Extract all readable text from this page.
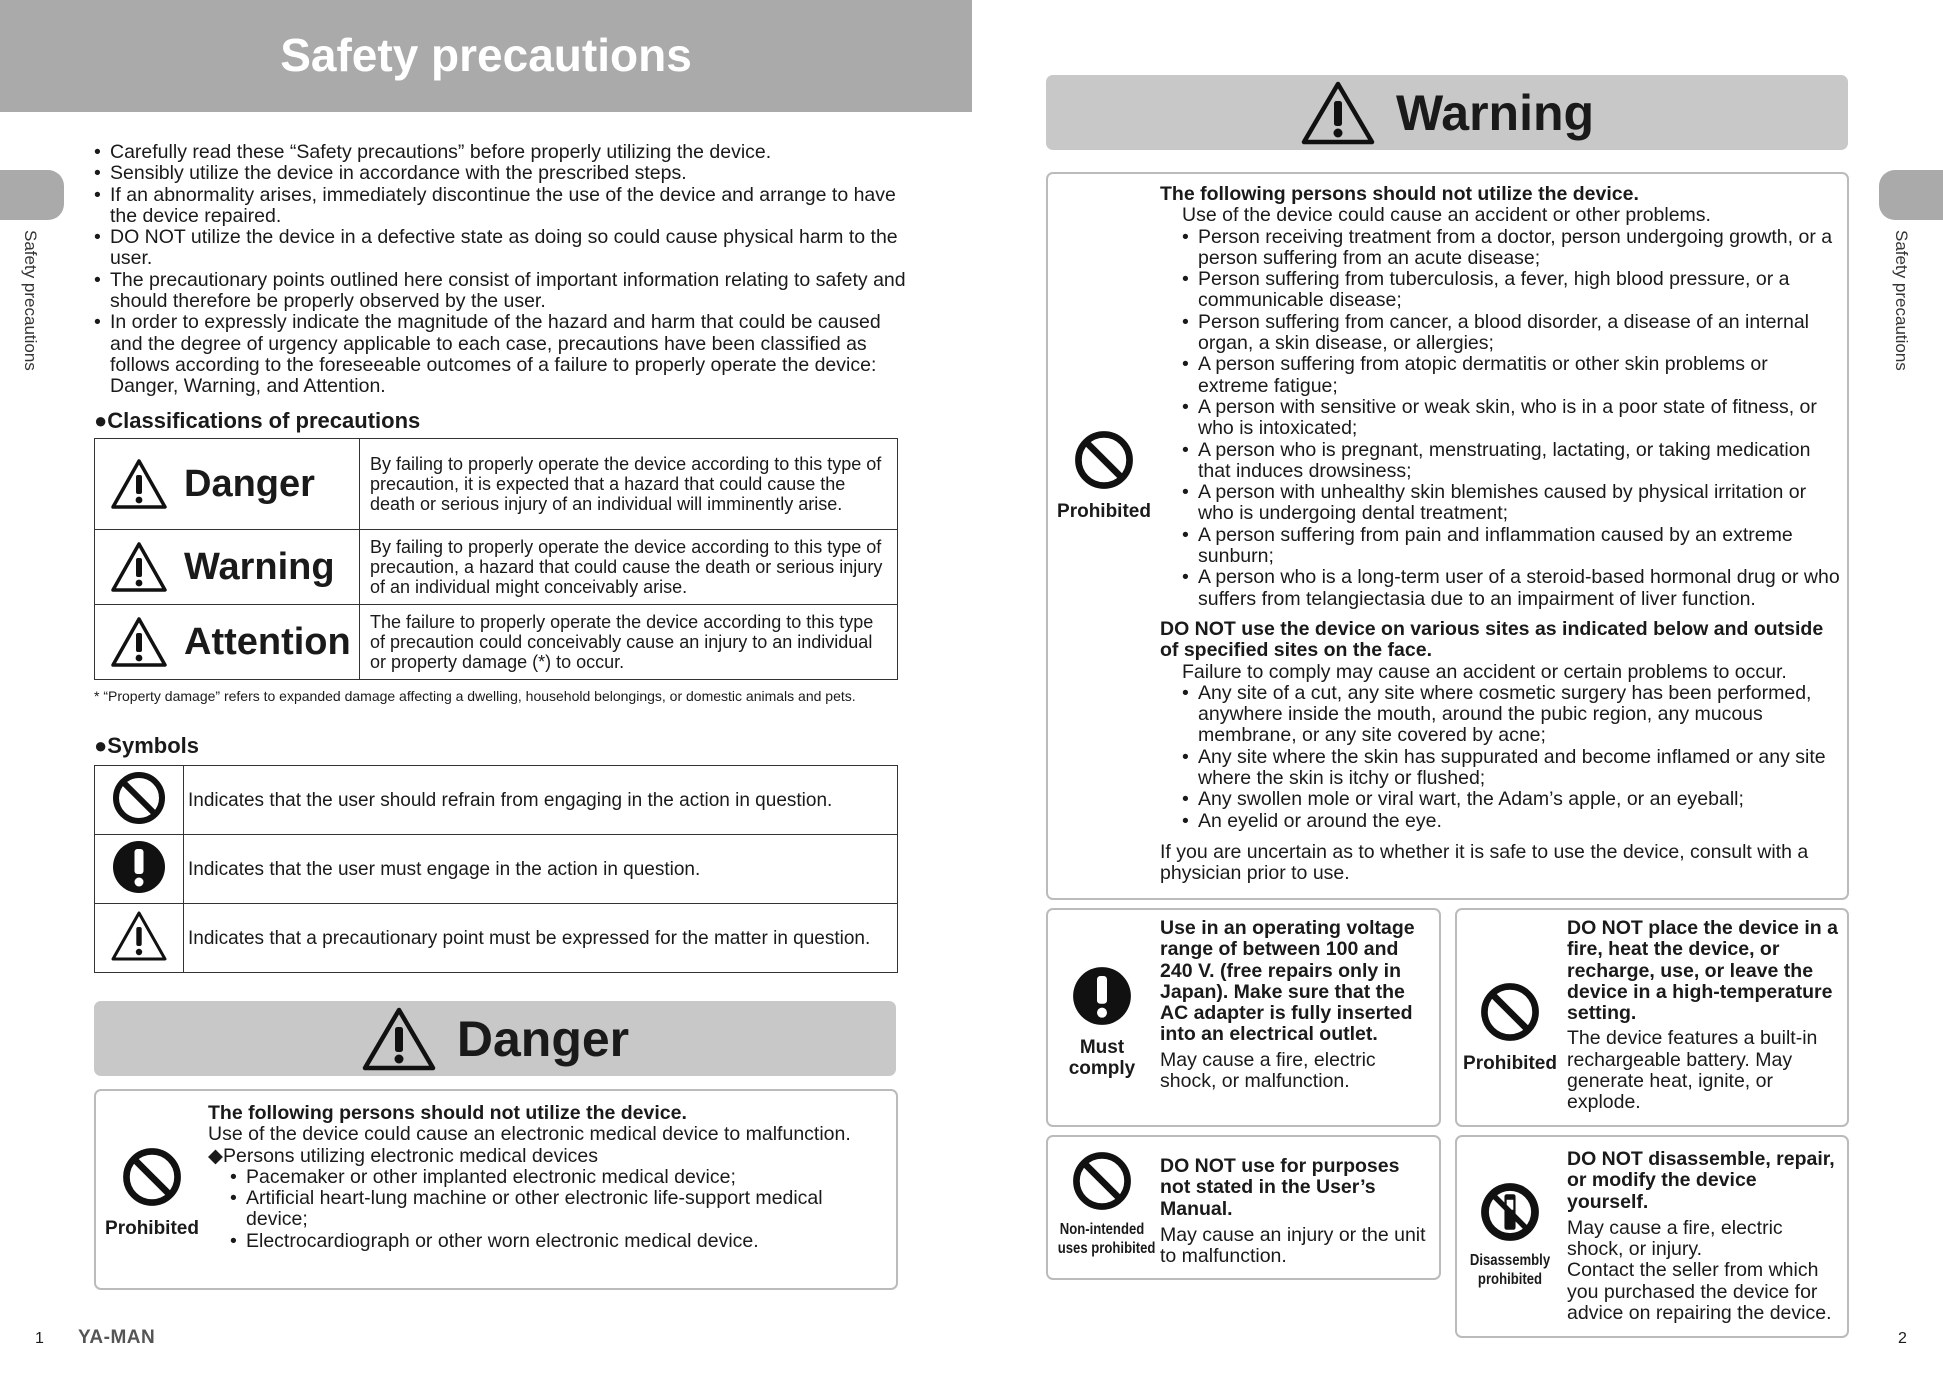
Safety precautions
Safety precautions

• Carefully read these “Safety precautions” before properly utilizing the device.

• Sensibly utilize the device in accordance with the prescribed steps.

• If an abnormality arises, immediately discontinue the use of the device and arrange to have the device repaired.

• DO NOT utilize the device in a defective state as doing so could cause physical harm to the user.

• The precautionary points outlined here consist of important information relating to safety and should therefore be properly observed by the user.

• In order to expressly indicate the magnitude of the hazard and harm that could be caused and the degree of urgency applicable to each case, precautions have been classified as follows according to the foreseeable outcomes of a failure to properly operate the device: Danger, Warning, and Attention.

●Classifications of precautions
Danger	By failing to properly operate the device according to this type of precaution, it is expected that a hazard that could cause the death or serious injury of an individual will imminently arise.

Warning	By failing to properly operate the device according to this type of precaution, a hazard that could cause the death or serious injury of an individual might conceivably arise.

Attention	The failure to properly operate the device according to this type of precaution could conceivably cause an injury to an individual or property damage (*) to occur.
* “Property damage” refers to expanded damage affecting a dwelling, household belongings, or domestic animals and pets.
●Symbols
	Indicates that the user should refrain from engaging in the action in question.
	Indicates that the user must engage in the action in question.
	Indicates that a precautionary point must be expressed for the matter in question.
Danger
Prohibited

The following persons should not utilize the device.

Use of the device could cause an electronic medical device to malfunction.

◆Persons utilizing electronic medical devices

• Pacemaker or other implanted electronic medical device;

• Artificial heart-lung machine or other electronic life-support medical device;

• Electrocardiograph or other worn electronic medical device.

1 YA-MAN
Safety precautions
Warning
Prohibited

The following persons should not utilize the device.

Use of the device could cause an accident or other problems.

• Person receiving treatment from a doctor, person undergoing growth, or a person suffering from an acute disease;

• Person suffering from tuberculosis, a fever, high blood pressure, or a communicable disease;

• Person suffering from cancer, a blood disorder, a disease of an internal organ, a skin disease, or allergies;

• A person suffering from atopic dermatitis or other skin problems or extreme fatigue;

• A person with sensitive or weak skin, who is in a poor state of fitness, or who is intoxicated;

• A person who is pregnant, menstruating, lactating, or taking medication that induces drowsiness;

• A person with unhealthy skin blemishes caused by physical irritation or who is undergoing dental treatment;

• A person suffering from pain and inflammation caused by an extreme sunburn;

• A person who is a long-term user of a steroid-based hormonal drug or who suffers from telangiectasia due to an impairment of liver function.

DO NOT use the device on various sites as indicated below and outside of specified sites on the face.

Failure to comply may cause an accident or certain problems to occur.

• Any site of a cut, any site where cosmetic surgery has been performed, anywhere inside the mouth, around the pubic region, any mucous membrane, or any site covered by acne;

• Any site where the skin has suppurated and become inflamed or any site where the skin is itchy or flushed;

• Any swollen mole or viral wart, the Adam’s apple, or an eyeball;

• An eyelid or around the eye.

If you are uncertain as to whether it is safe to use the device, consult with a physician prior to use.

Must comply

Use in an operating voltage range of between 100 and 240 V. (free repairs only in Japan). Make sure that the AC adapter is fully inserted into an electrical outlet.

May cause a fire, electric shock, or malfunction.

Prohibited

DO NOT place the device in a fire, heat the device, or recharge, use, or leave the device in a high-temperature setting.

The device features a built-in rechargeable battery. May generate heat, ignite, or explode.

Non-intended
uses prohibited

DO NOT use for purposes not stated in the User’s Manual.

May cause an injury or the unit to malfunction.	Disassembly
prohibited

DO NOT disassemble, repair, or modify the device yourself.

May cause a fire, electric shock, or injury.

Contact the seller from which you purchased the device for advice on repairing the device.

2
